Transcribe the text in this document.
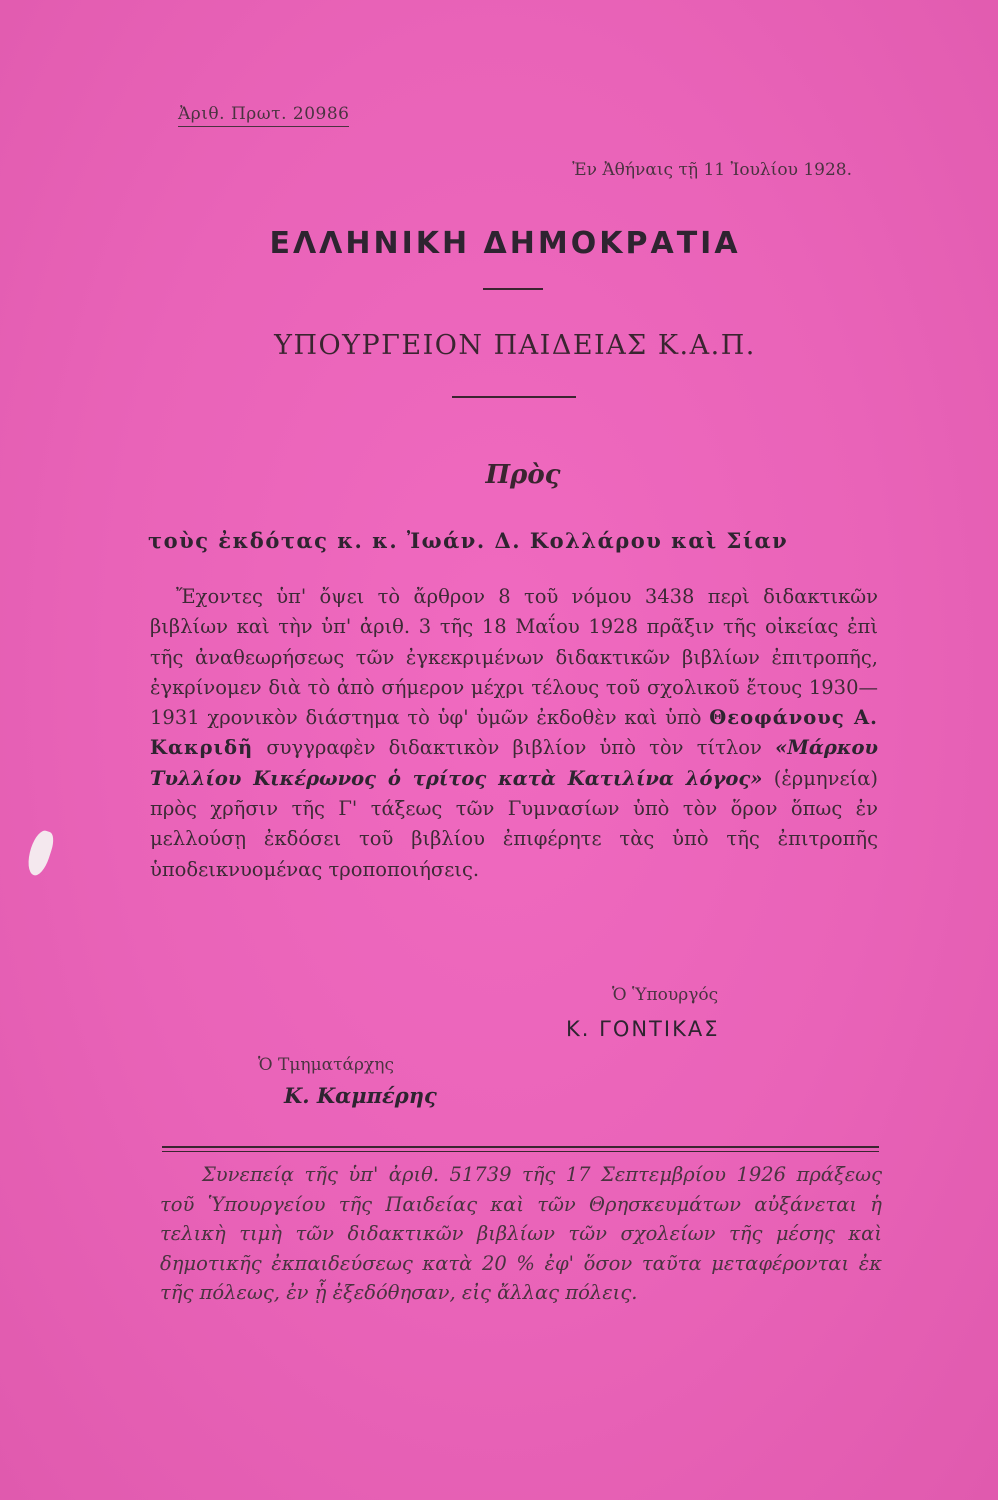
Ἀριθ. Πρωτ. 20986
Ἐν Ἀθήναις τῇ 11 Ἰουλίου 1928.
ΕΛΛΗΝΙΚΗ ΔΗΜΟΚΡΑΤΙΑ
ΥΠΟΥΡΓΕΙΟΝ ΠΑΙΔΕΙΑΣ Κ.Α.Π.
Πρὸς
τοὺς ἐκδότας κ. κ. Ἰωάν. Δ. Κολλάρου καὶ Σίαν
Ἔχοντες ὑπ' ὄψει τὸ ἄρθρον 8 τοῦ νόμου 3438 περὶ διδακτικῶν βιβλίων καὶ τὴν ὑπ' ἀριθ. 3 τῆς 18 Μαΐου 1928 πρᾶξιν τῆς οἰκείας ἐπὶ τῆς ἀναθεωρήσεως τῶν ἐγκεκριμένων διδακτικῶν βιβλίων ἐπιτροπῆς, ἐγκρίνομεν διὰ τὸ ἀπὸ σήμερον μέχρι τέλους τοῦ σχολικοῦ ἔτους 1930—1931 χρονικὸν διάστημα τὸ ὑφ' ὑμῶν ἐκδοθὲν καὶ ὑπὸ Θεοφάνους Α. Κακριδῆ συγγραφὲν διδακτικὸν βιβλίον ὑπὸ τὸν τίτλον «Μάρκου Τυλλίου Κικέρωνος ὁ τρίτος κατὰ Κατιλίνα λόγος» (ἑρμηνεία) πρὸς χρῆσιν τῆς Γ' τάξεως τῶν Γυμνασίων ὑπὸ τὸν ὅρον ὅπως ἐν μελλούσῃ ἐκδόσει τοῦ βιβλίου ἐπιφέρητε τὰς ὑπὸ τῆς ἐπιτροπῆς ὑποδεικνυομένας τροποποιήσεις.
Ὁ Ὑπουργός
Κ. ΓΟΝΤΙΚΑΣ
Ὁ Τμηματάρχης
Κ. Καμπέρης
Συνεπείᾳ τῆς ὑπ' ἀριθ. 51739 τῆς 17 Σεπτεμβρίου 1926 πράξεως τοῦ Ὑπουργείου τῆς Παιδείας καὶ τῶν Θρησκευμάτων αὐξάνεται ἡ τελικὴ τιμὴ τῶν διδακτικῶν βιβλίων τῶν σχολείων τῆς μέσης καὶ δημοτικῆς ἐκπαιδεύσεως κατὰ 20 % ἐφ' ὅσον ταῦτα μεταφέρονται ἐκ τῆς πόλεως, ἐν ᾗ ἐξεδόθησαν, εἰς ἄλλας πόλεις.
